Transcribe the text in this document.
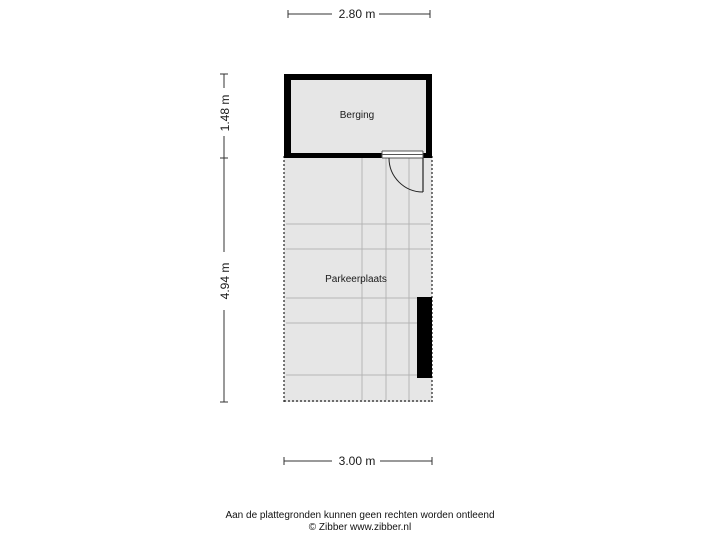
2.80 m
1.48 m
4.94 m	Parkeerplaats
Berging
3.00 m
Aan de plattegronden kunnen geen rechten worden ontleend
© Zibber www.zibber.nl
